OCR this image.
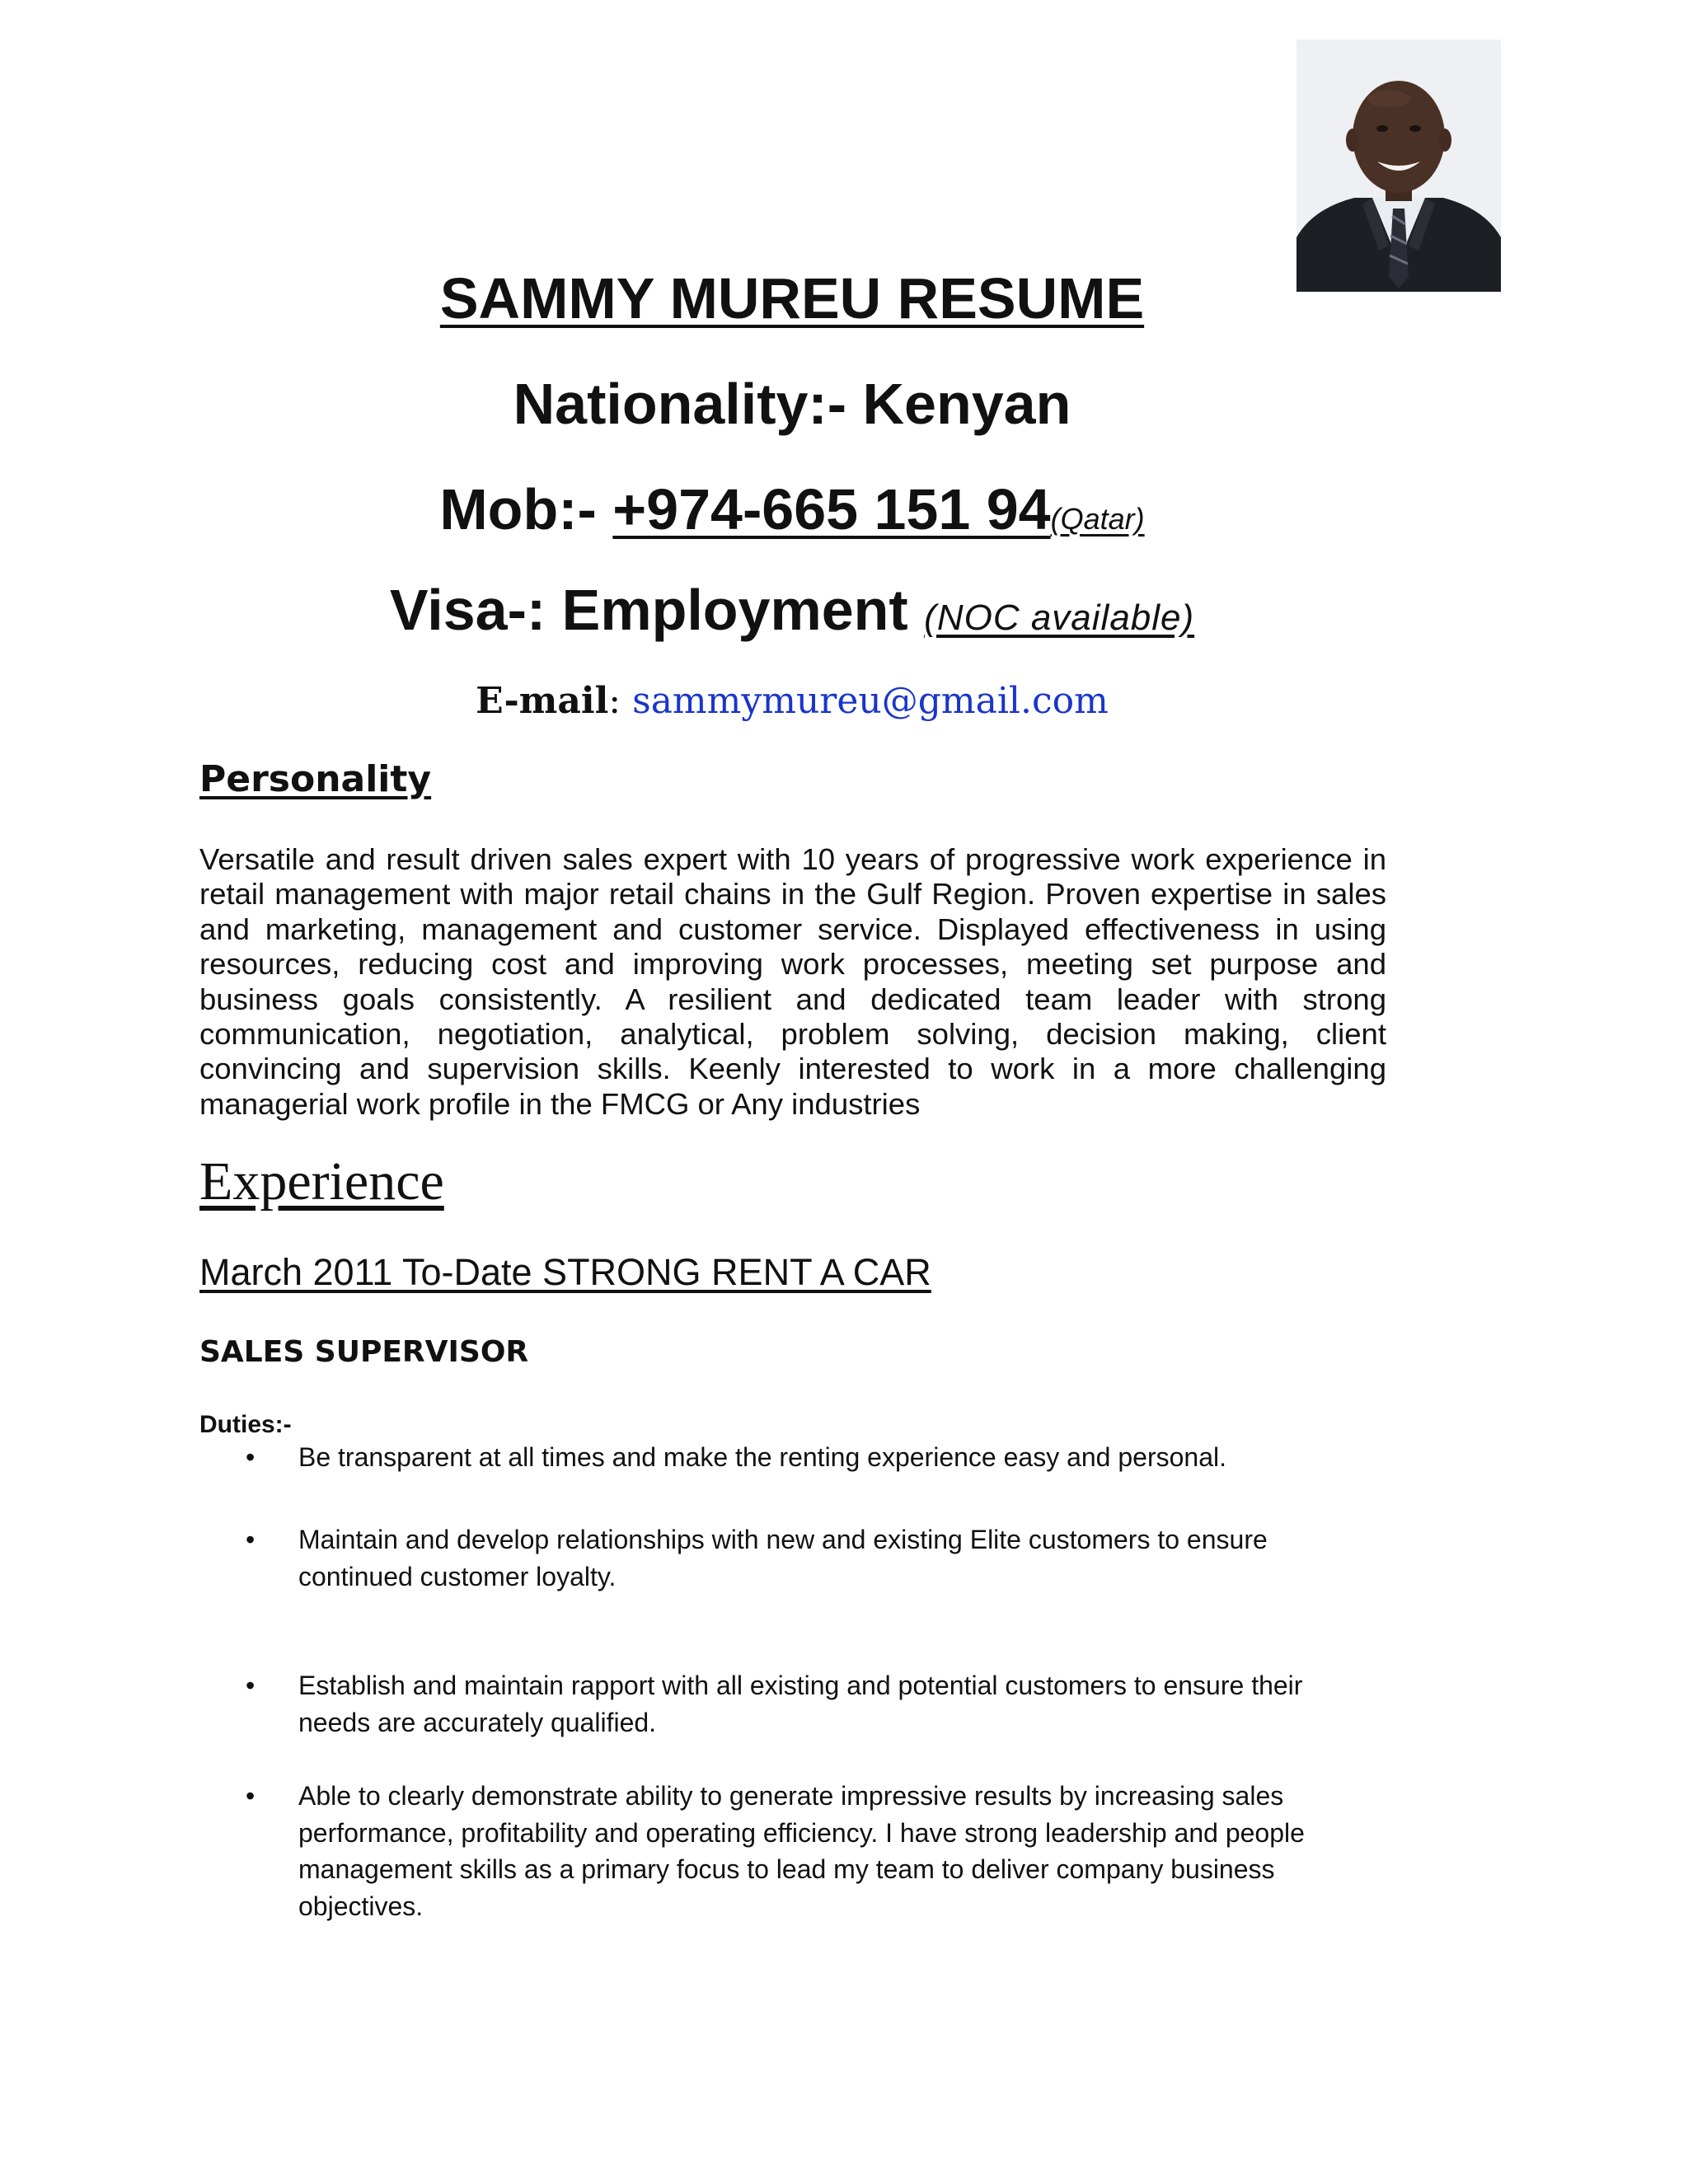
SAMMY MUREU RESUME
Nationality:- Kenyan
Mob:- +974-665 151 94(Qatar)
Visa-: Employment (NOC available)
E-mail: sammymureu@gmail.com
Personality

Versatile and result driven sales expert with 10 years of progressive work experience in retail management with major retail chains in the Gulf Region. Proven expertise in sales and marketing, management and customer service. Displayed effectiveness in using resources, reducing cost and improving work processes, meeting set purpose and business goals consistently. A resilient and dedicated team leader with strong communication, negotiation, analytical, problem solving, decision making, client convincing and supervision skills. Keenly interested to work in a more challenging managerial work profile in the FMCG or Any industries

Experience
March 2011 To-Date STRONG RENT A CAR
SALES SUPERVISOR
Duties:-
• Be transparent at all times and make the renting experience easy and personal.
• Maintain and develop relationships with new and existing Elite customers to ensure continued customer loyalty.
• Establish and maintain rapport with all existing and potential customers to ensure their needs are accurately qualified.
• Able to clearly demonstrate ability to generate impressive results by increasing sales performance, profitability and operating efficiency. I have strong leadership and people management skills as a primary focus to lead my team to deliver company business objectives.
